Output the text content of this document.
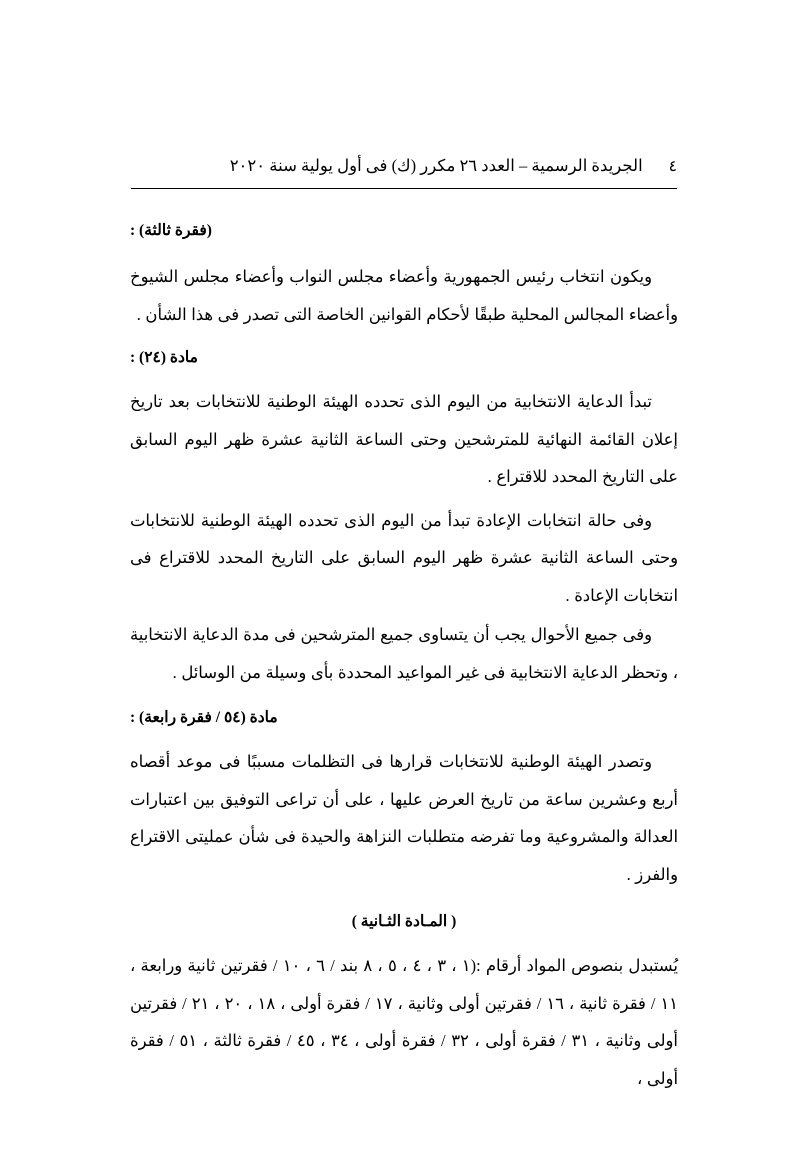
٤
الجريدة الرسمية – العدد ٢٦ مكرر (ك) فى أول يولية سنة ٢٠٢٠

(فقرة ثالثة) :

ويكون انتخاب رئيس الجمهورية وأعضاء مجلس النواب وأعضاء مجلس الشيوخ وأعضاء المجالس المحلية طبقًا لأحكام القوانين الخاصة التى تصدر فى هذا الشأن .

مادة (٢٤) :

تبدأ الدعاية الانتخابية من اليوم الذى تحدده الهيئة الوطنية للانتخابات بعد تاريخ إعلان القائمة النهائية للمترشحين وحتى الساعة الثانية عشرة ظهر اليوم السابق على التاريخ المحدد للاقتراع .

وفى حالة انتخابات الإعادة تبدأ من اليوم الذى تحدده الهيئة الوطنية للانتخابات وحتى الساعة الثانية عشرة ظهر اليوم السابق على التاريخ المحدد للاقتراع فى انتخابات الإعادة .

وفى جميع الأحوال يجب أن يتساوى جميع المترشحين فى مدة الدعاية الانتخابية ، وتحظر الدعاية الانتخابية فى غير المواعيد المحددة بأى وسيلة من الوسائل .

مادة (٥٤ / فقرة رابعة) :

وتصدر الهيئة الوطنية للانتخابات قرارها فى التظلمات مسببًا فى موعد أقصاه أربع وعشرين ساعة من تاريخ العرض عليها ، على أن تراعى التوفيق بين اعتبارات العدالة والمشروعية وما تفرضه متطلبات النزاهة والحيدة فى شأن عمليتى الاقتراع والفرز .

( المـادة الثـانية )

يُستبدل بنصوص المواد أرقام :(١ ، ٣ ، ٤ ، ٥ ، ٨ بند / ٦ ، ١٠ / فقرتين ثانية ورابعة ، ١١ / فقرة ثانية ، ١٦ / فقرتين أولى وثانية ، ١٧ / فقرة أولى ، ١٨ ، ٢٠ ، ٢١ / فقرتين أولى وثانية ، ٣١ / فقرة أولى ، ٣٢ / فقرة أولى ، ٣٤ ، ٤٥ / فقرة ثالثة ، ٥١ / فقرة أولى ،
